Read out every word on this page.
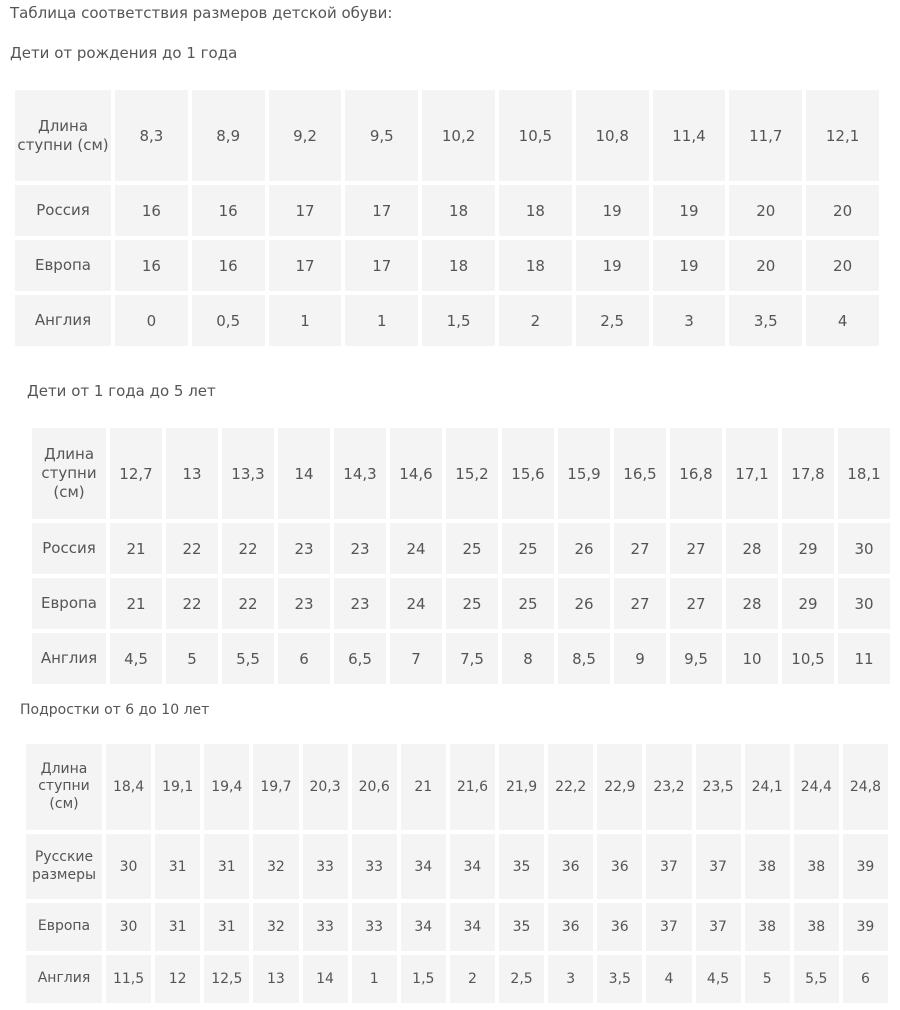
Таблица соответствия размеров детской обуви:

Дети от рождения до 1 года

Длина ступни (см)	8,3	8,9	9,2	9,5	10,2	10,5	10,8	11,4	11,7	12,1
Россия	16	16	17	17	18	18	19	19	20	20
Европа	16	16	17	17	18	18	19	19	20	20
Англия	0	0,5	1	1	1,5	2	2,5	3	3,5	4

Дети от 1 года до 5 лет

Длина ступни (см)	12,7	13	13,3	14	14,3	14,6	15,2	15,6	15,9	16,5	16,8	17,1	17,8	18,1
Россия	21	22	22	23	23	24	25	25	26	27	27	28	29	30
Европа	21	22	22	23	23	24	25	25	26	27	27	28	29	30
Англия	4,5	5	5,5	6	6,5	7	7,5	8	8,5	9	9,5	10	10,5	11

Подростки от 6 до 10 лет

Длина ступни (см)	18,4	19,1	19,4	19,7	20,3	20,6	21	21,6	21,9	22,2	22,9	23,2	23,5	24,1	24,4	24,8
Русские размеры	30	31	31	32	33	33	34	34	35	36	36	37	37	38	38	39
Европа	30	31	31	32	33	33	34	34	35	36	36	37	37	38	38	39
Англия	11,5	12	12,5	13	14	1	1,5	2	2,5	3	3,5	4	4,5	5	5,5	6
